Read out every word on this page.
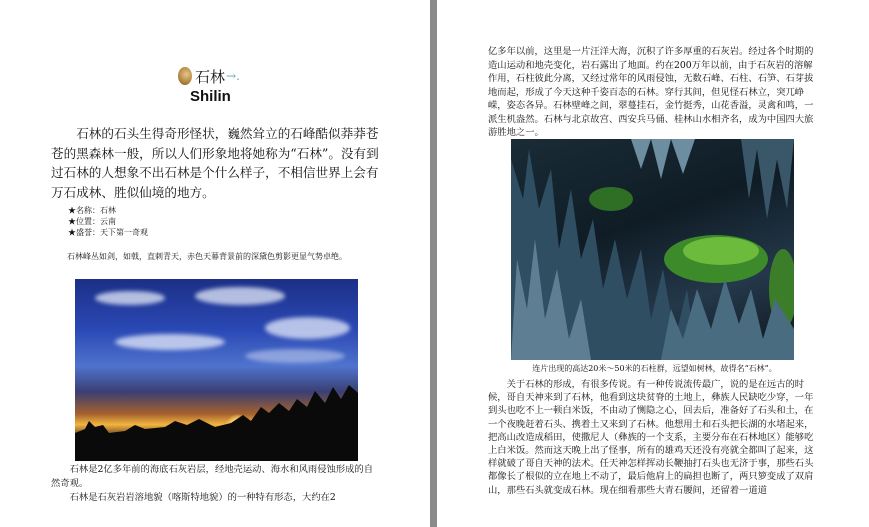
石林 →.
Shilin
石林的石头生得奇形怪状，巍然耸立的石峰酷似莽莽苍苍的黑森林一般，所以人们形象地将她称为“石林”。没有到过石林的人想象不出石林是个什么样子，不相信世界上会有万石成林、胜似仙境的地方。
★名称：石林
★位置：云南
★盛誉：天下第一奇观
石林峰丛如剑，如戟，直刺青天，赤色天幕背景前的深黛色剪影更显气势卓绝。

石林是2亿多年前的海底石灰岩层，经地壳运动、海水和风雨侵蚀形成的自然奇观。

石林是石灰岩岩溶地貌（喀斯特地貌）的一种特有形态，大约在2

亿多年以前，这里是一片汪洋大海，沉积了许多厚重的石灰岩。经过各个时期的造山运动和地壳变化，岩石露出了地面。约在200万年以前，由于石灰岩的溶解作用，石柱彼此分离，又经过常年的风雨侵蚀，无数石峰、石柱、石笋、石芽拔地而起，形成了今天这种千姿百态的石林。穿行其间，但见怪石林立，突兀峥嵘，姿态各异。石林壁峰之间，翠蔓挂石，金竹挺秀，山花香溢，灵禽和鸣，一派生机盎然。石林与北京故宫、西安兵马俑、桂林山水相齐名，成为中国四大旅游胜地之一。

连片出现的高达20米～50米的石柱群，远望如树林，故得名“石林”。

关于石林的形成，有很多传说。有一种传说流传最广，说的是在远古的时候，哥自天神来到了石林，他看到这块贫脊的土地上，彝族人民缺吃少穿，一年到头也吃不上一顿白米饭，不由动了恻隐之心，回去后，准备好了石头和土，在一个夜晚赶着石头、携着土又来到了石林。他想用土和石头把长湖的水堵起来，把高山改造成稻田，使撒尼人（彝族的一个支系，主要分布在石林地区）能够吃上白米饭。然而这天晚上出了怪事，所有的雄鸡天还没有亮就全都叫了起来，这样就破了哥自天神的法术。任天神怎样挥动长鞭抽打石头也无济于事，那些石头都像长了根似的立在地上不动了，最后他肩上的扁担也断了，两只箩变成了双肩山，那些石头就变成石林。现在细看那些大青石腰间，还留着一道道
